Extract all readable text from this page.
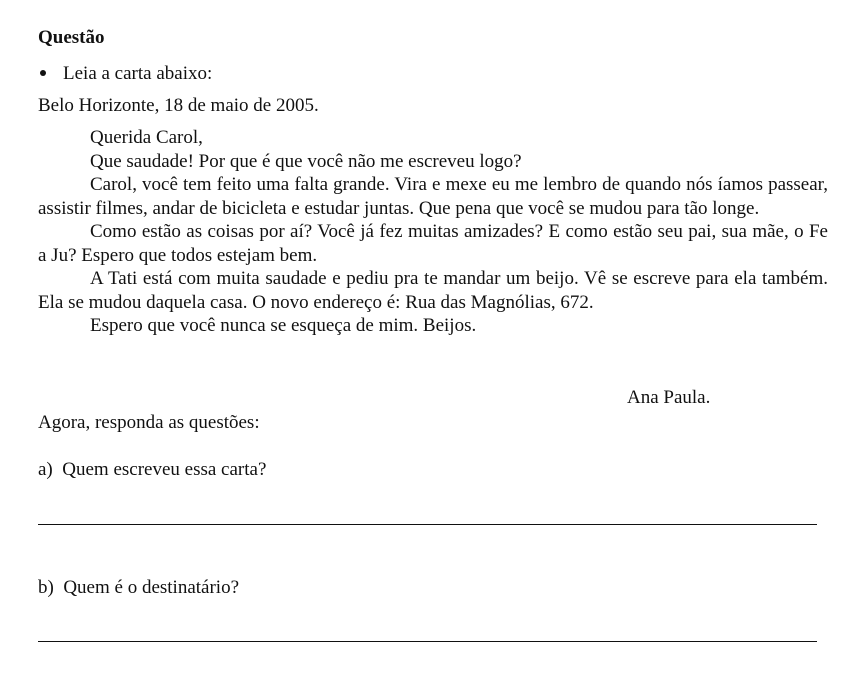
Questão
Leia a carta abaixo:
Belo Horizonte, 18 de maio de 2005.

Querida Carol,

Que saudade! Por que é que você não me escreveu logo?

Carol, você tem feito uma falta grande. Vira e mexe eu me lembro de quando nós íamos passear, assistir filmes, andar de bicicleta e estudar juntas. Que pena que você se mudou para tão longe.

Como estão as coisas por aí? Você já fez muitas amizades? E como estão seu pai, sua mãe, o Fe a Ju? Espero que todos estejam bem.

A Tati está com muita saudade e pediu pra te mandar um beijo. Vê se escreve para ela também. Ela se mudou daquela casa. O novo endereço é: Rua das Magnólias, 672.

Espero que você nunca se esqueça de mim. Beijos.

Ana Paula.
Agora, responda as questões:
a) Quem escreveu essa carta?
b) Quem é o destinatário?
